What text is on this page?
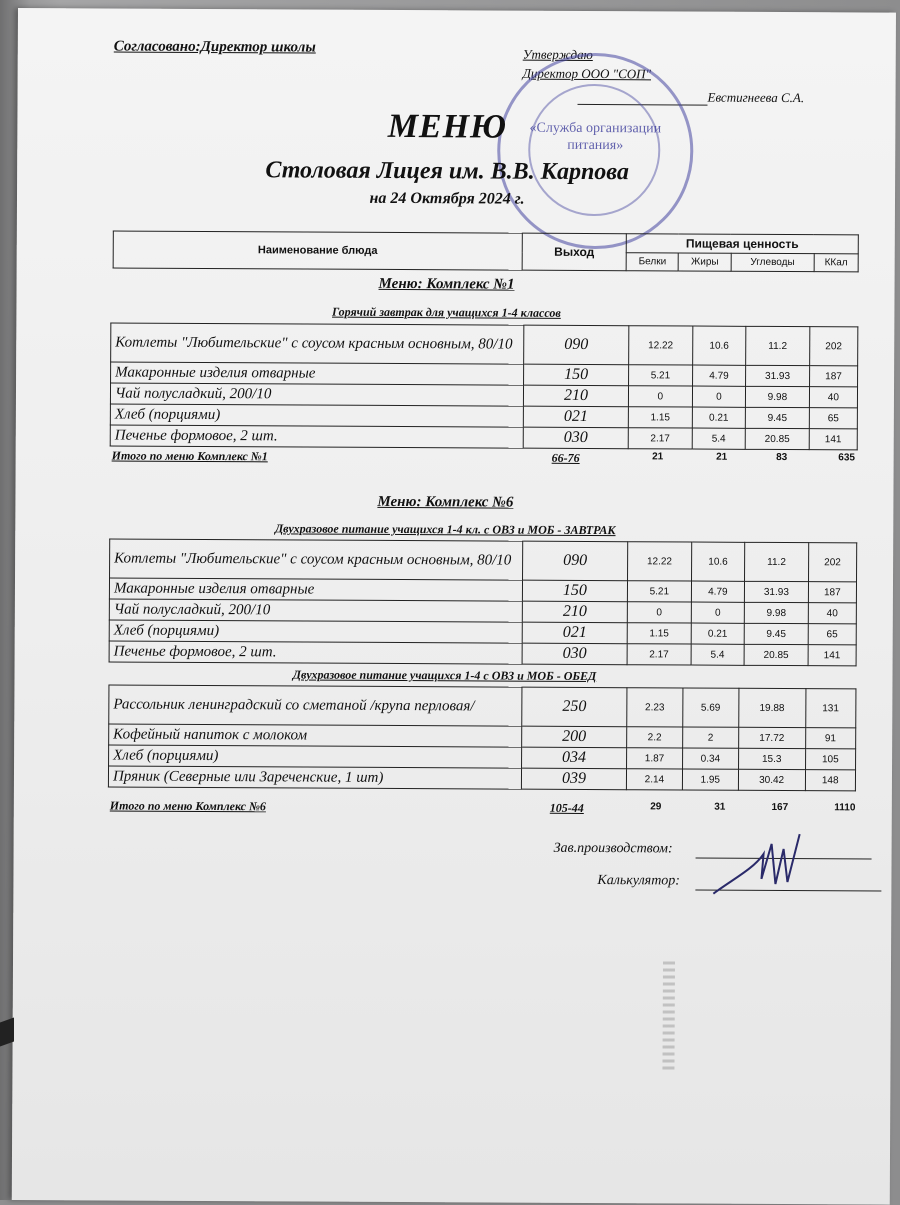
Согласовано:Директор школы	Утверждаю
Директор ООО "СОП"
Евстигнеева С.А.
«Служба организации питания»
МЕНЮ
Столовая Лицея им. В.В. Карпова
на 24 Октября 2024 г.
Наименование блюда	Выход	Пищевая ценность			
		Белки	Жиры	Углеводы	ККал
Меню: Комплекс №1
Горячий завтрак для учащихся 1-4 классов
Котлеты "Любительские" с соусом красным основным, 80/10	090	12.22	10.6	11.2	202
Макаронные изделия отварные	150	5.21	4.79	31.93	187
Чай полусладкий, 200/10	210	0	0	9.98	40
Хлеб (порциями)	021	1.15	0.21	9.45	65
Печенье формовое, 2 шт.	030	2.17	5.4	20.85	141
Итого по меню Комплекс №1	66-76	21	21	83	635
Меню: Комплекс №6
Двухразовое питание учащихся 1-4 кл. с ОВЗ и МОБ - ЗАВТРАК
Котлеты "Любительские" с соусом красным основным, 80/10	090	12.22	10.6	11.2	202
Макаронные изделия отварные	150	5.21	4.79	31.93	187
Чай полусладкий, 200/10	210	0	0	9.98	40
Хлеб (порциями)	021	1.15	0.21	9.45	65
Печенье формовое, 2 шт.	030	2.17	5.4	20.85	141
Двухразовое питание учащихся 1-4 с ОВЗ и МОБ - ОБЕД
Рассольник ленинградский со сметаной /крупа перловая/	250	2.23	5.69	19.88	131
Кофейный напиток с молоком	200	2.2	2	17.72	91
Хлеб (порциями)	034	1.87	0.34	15.3	105
Пряник (Северные или Зареченские, 1 шт)	039	2.14	1.95	30.42	148
Итого по меню Комплекс №6	105-44	29	31	167	1110
Зав.производством:
Калькулятор:
